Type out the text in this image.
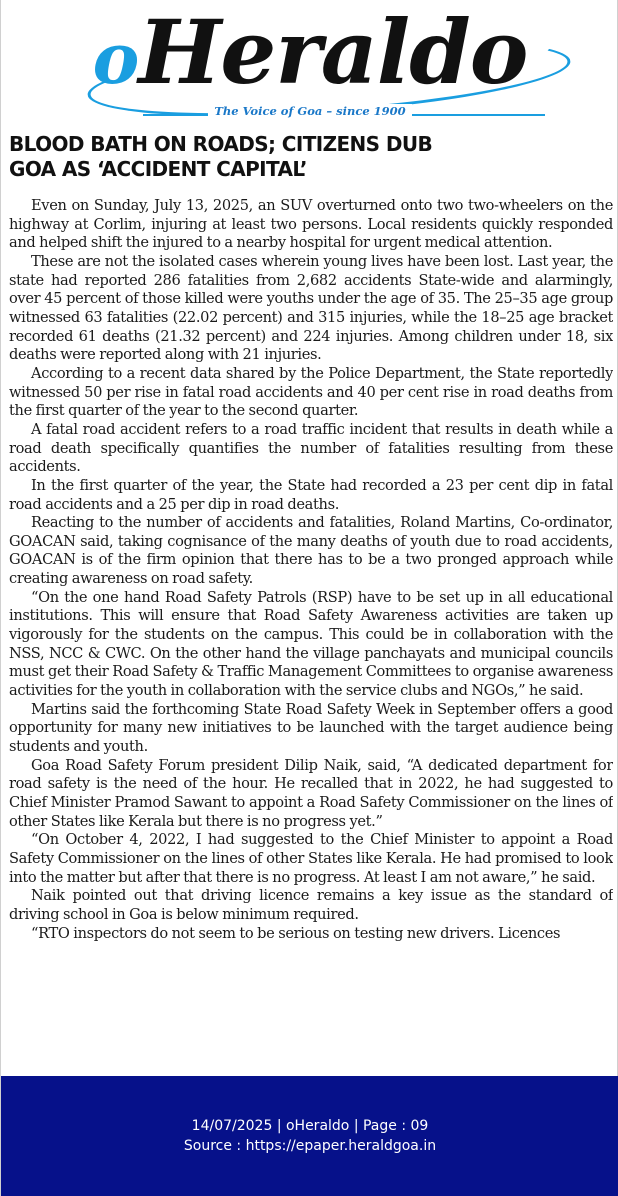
oHeraldo
The Voice of Goa – since 1900
BLOOD BATH ON ROADS; CITIZENS DUB
GOA AS ‘ACCIDENT CAPITAL’

Even on Sunday, July 13, 2025, an SUV overturned onto two two-wheelers on the highway at Corlim, injuring at least two persons. Local residents quickly responded and helped shift the injured to a nearby hospital for urgent medical attention.

These are not the isolated cases wherein young lives have been lost. Last year, the state had reported 286 fatalities from 2,682 accidents State-wide and alarmingly, over 45 percent of those killed were youths under the age of 35. The 25–35 age group witnessed 63 fatalities (22.02 percent) and 315 injuries, while the 18–25 age bracket recorded 61 deaths (21.32 percent) and 224 injuries. Among children under 18, six deaths were reported along with 21 injuries.

According to a recent data shared by the Police Department, the State reportedly witnessed 50 per rise in fatal road accidents and 40 per cent rise in road deaths from the first quarter of the year to the second quarter.

A fatal road accident refers to a road traffic incident that results in death while a road death specifically quantifies the number of fatalities resulting from these accidents.

In the first quarter of the year, the State had recorded a 23 per cent dip in fatal road accidents and a 25 per dip in road deaths.

Reacting to the number of accidents and fatalities, Roland Martins, Co-ordinator, GOACAN said, taking cognisance of the many deaths of youth due to road accidents, GOACAN is of the firm opinion that there has to be a two pronged approach while creating awareness on road safety.

“On the one hand Road Safety Patrols (RSP) have to be set up in all educational institutions. This will ensure that Road Safety Awareness activities are taken up vigorously for the students on the campus. This could be in collaboration with the NSS, NCC & CWC. On the other hand the village panchayats and municipal councils must get their Road Safety & Traffic Management Committees to organise awareness activities for the youth in collaboration with the service clubs and NGOs,” he said.

Martins said the forthcoming State Road Safety Week in September offers a good opportunity for many new initiatives to be launched with the target audience being students and youth.

Goa Road Safety Forum president Dilip Naik, said, “A dedicated department for road safety is the need of the hour. He recalled that in 2022, he had suggested to Chief Minister Pramod Sawant to appoint a Road Safety Commissioner on the lines of other States like Kerala but there is no progress yet.”

“On October 4, 2022, I had suggested to the Chief Minister to appoint a Road Safety Commissioner on the lines of other States like Kerala. He had promised to look into the matter but after that there is no progress. At least I am not aware,” he said.

Naik pointed out that driving licence remains a key issue as the standard of driving school in Goa is below minimum required.

“RTO inspectors do not seem to be serious on testing new drivers. Licences

14/07/2025 | oHeraldo | Page : 09
Source : https://epaper.heraldgoa.in
